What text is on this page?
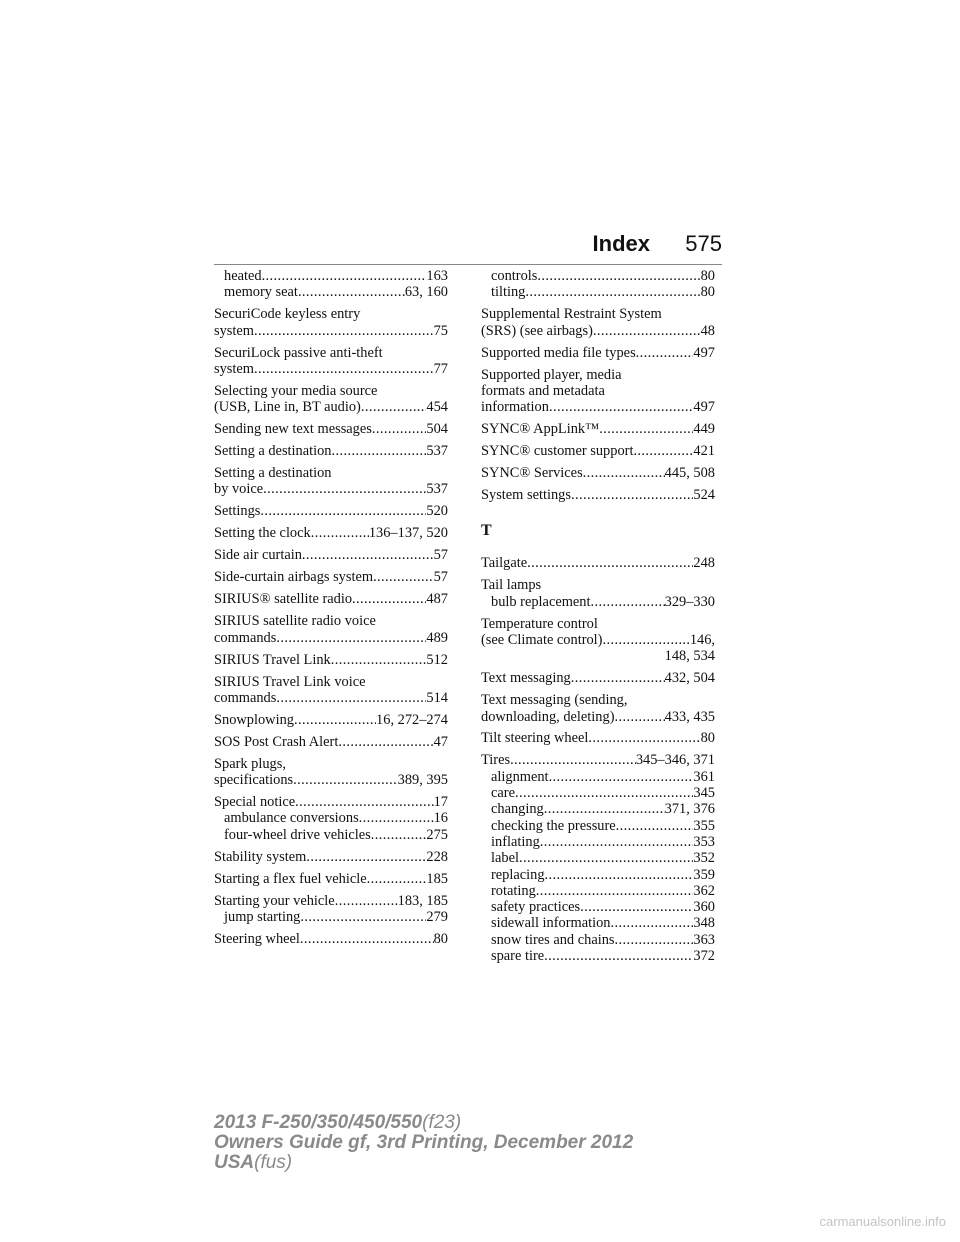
Index 575
heated .....	163
memory seat .....	63, 160
SecuriCode keyless entry
system .....	75
SecuriLock passive anti-theft
system .....	77
Selecting your media source
(USB, Line in, BT audio) .....	454
Sending new text messages .....	504
Setting a destination .....	537
Setting a destination
by voice .....	537
Settings .....	520
Setting the clock .....	136–137, 520
Side air curtain .....	57
Side-curtain airbags system .....	57
SIRIUS® satellite radio .....	487
SIRIUS satellite radio voice
commands .....	489
SIRIUS Travel Link .....	512
SIRIUS Travel Link voice
commands .....	514
Snowplowing .....	16, 272–274
SOS Post Crash Alert .....	47
Spark plugs,
specifications .....	389, 395
Special notice .....	17
ambulance conversions .....	16
four-wheel drive vehicles .....	275
Stability system .....	228
Starting a flex fuel vehicle .....	185
Starting your vehicle .....	183, 185
jump starting .....	279
Steering wheel .....	80
controls .....	80
tilting .....	80
Supplemental Restraint System
(SRS) (see airbags) .....	48
Supported media file types .....	497
Supported player, media
formats and metadata
information .....	497
SYNC® AppLink™ .....	449
SYNC® customer support .....	421
SYNC® Services .....	445, 508
System settings .....	524
T
Tailgate .....	248
Tail lamps
bulb replacement .....	329–330
Temperature control
(see Climate control) .....	146,
148, 534
Text messaging .....	432, 504
Text messaging (sending,
downloading, deleting) .....	433, 435
Tilt steering wheel .....	80
Tires .....	345–346, 371
alignment .....	361
care .....	345
changing .....	371, 376
checking the pressure .....	355
inflating .....	353
label .....	352
replacing .....	359
rotating .....	362
safety practices .....	360
sidewall information .....	348
snow tires and chains .....	363
spare tire .....	372
2013 F-250/350/450/550(f23)
Owners Guide gf, 3rd Printing, December 2012
USA(fus)
carmanualsonline.info
